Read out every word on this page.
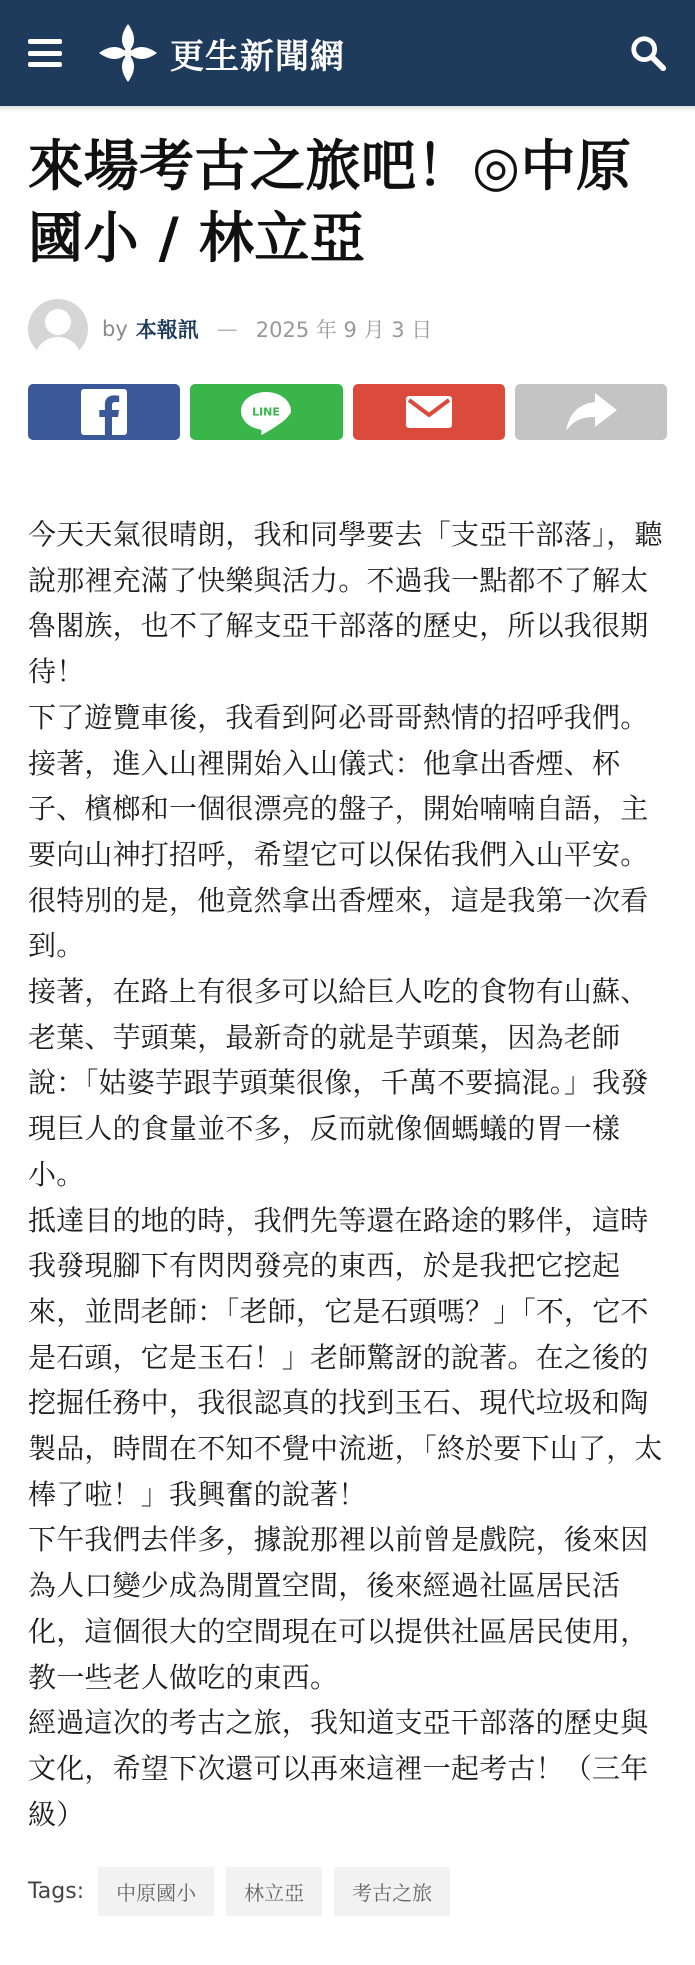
更生新聞網
來場考古之旅吧！◎中原國小 / 林立亞
by 本報訊 — 2025 年 9 月 3 日
LINE

今天天氣很晴朗，我和同學要去「支亞干部落」，聽說那裡充滿了快樂與活力。不過我一點都不了解太魯閣族，也不了解支亞干部落的歷史，所以我很期待！

下了遊覽車後，我看到阿必哥哥熱情的招呼我們。接著，進入山裡開始入山儀式：他拿出香煙、杯子、檳榔和一個很漂亮的盤子，開始喃喃自語，主要向山神打招呼，希望它可以保佑我們入山平安。很特別的是，他竟然拿出香煙來，這是我第一次看到。

接著，在路上有很多可以給巨人吃的食物有山蘇、老葉、芋頭葉，最新奇的就是芋頭葉，因為老師說：「姑婆芋跟芋頭葉很像，千萬不要搞混。」我發現巨人的食量並不多，反而就像個螞蟻的胃一樣小。

抵達目的地的時，我們先等還在路途的夥伴，這時我發現腳下有閃閃發亮的東西，於是我把它挖起來，並問老師：「老師，它是石頭嗎？」「不，它不是石頭，它是玉石！」老師驚訝的說著。在之後的挖掘任務中，我很認真的找到玉石、現代垃圾和陶製品，時間在不知不覺中流逝，「終於要下山了，太棒了啦！」我興奮的說著！

下午我們去伴多，據說那裡以前曾是戲院，後來因為人口變少成為閒置空間，後來經過社區居民活化，這個很大的空間現在可以提供社區居民使用，教一些老人做吃的東西。

經過這次的考古之旅，我知道支亞干部落的歷史與文化，希望下次還可以再來這裡一起考古！（三年級）

Tags:	中原國小	林立亞	考古之旅
